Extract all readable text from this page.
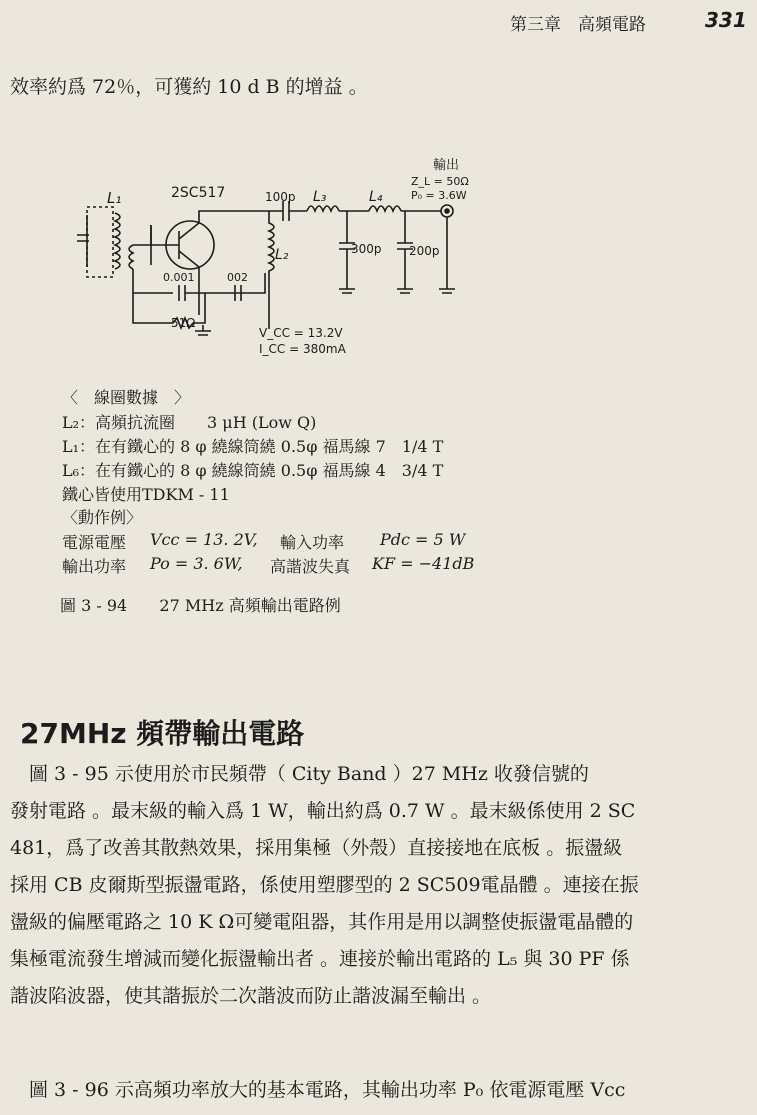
第三章　高頻電路	331
效率約爲 72％，可獲約 10 d B 的增益 。
L₁	2SC517	100p L₃	L₄
L₂	300p 200p
0.001	002
51Ω
輸出
Z_L = 50Ω
P₀ = 3.6W
V_CC = 13.2V
I_CC = 380mA
〈　線圈數據　〉
L₂：高頻抗流圈　　3 μH (Low Q)
L₁：在有鐵心的 8 φ 繞線筒繞 0.5φ 福馬線 7　1/4 T
L₆：在有鐵心的 8 φ 繞線筒繞 0.5φ 福馬線 4　3/4 T
鐵心皆使用TDKM - 11
〈動作例〉
電源電壓 Vcc = 13. 2V, 輸入功率 Pdc = 5 W
輸出功率 Po = 3. 6W, 高諧波失真 KF = −41dB
圖 3 - 94 27 MHz 高頻輸出電路例
27MHz 頻帶輸出電路

　圖 3 - 95 示使用於市民頻帶（ City Band ）27 MHz 收發信號的

發射電路 。最末級的輸入爲 1 W，輸出約爲 0.7 W 。最末級係使用 2 SC

481，爲了改善其散熱效果，採用集極（外殼）直接接地在底板 。振盪級

採用 CB 皮爾斯型振盪電路，係使用塑膠型的 2 SC509電晶體 。連接在振

盪級的偏壓電路之 10 K Ω可變電阻器，其作用是用以調整使振盪電晶體的

集極電流發生增減而變化振盪輸出者 。連接於輸出電路的 L₅ 與 30 PF 係

諧波陷波器，使其諧振於二次諧波而防止諧波漏至輸出 。

　圖 3 - 96 示高頻功率放大的基本電路，其輸出功率 P₀ 依電源電壓 Vcc
